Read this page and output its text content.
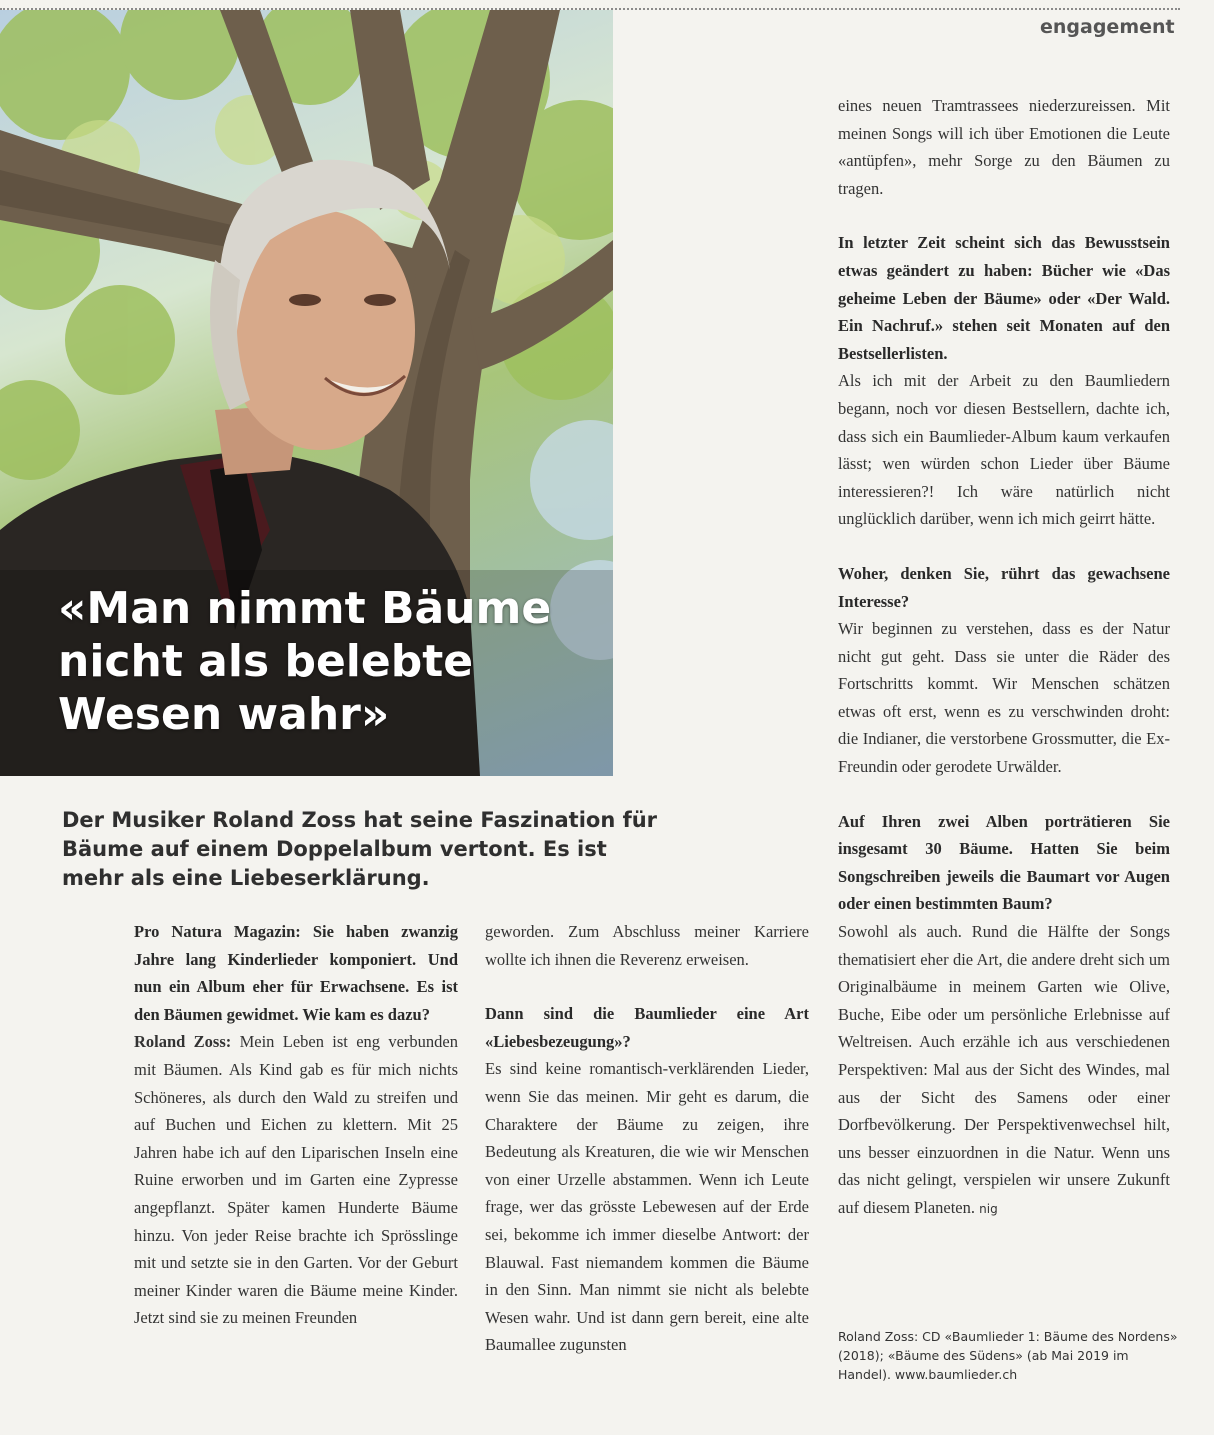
engagement

«Man nimmt Bäume nicht als belebte Wesen wahr»

Der Musiker Roland Zoss hat seine Faszination für Bäume auf einem Doppelalbum vertont. Es ist mehr als eine Liebeserklärung.

Pro Natura Magazin: Sie haben zwanzig Jahre lang Kinderlieder komponiert. Und nun ein Album eher für Erwachsene. Es ist den Bäumen gewidmet. Wie kam es dazu?

Roland Zoss: Mein Leben ist eng verbunden mit Bäumen. Als Kind gab es für mich nichts Schöneres, als durch den Wald zu streifen und auf Buchen und Eichen zu klettern. Mit 25 Jahren habe ich auf den Liparischen Inseln eine Ruine erworben und im Garten eine Zypresse angepflanzt. Später kamen Hunderte Bäume hinzu. Von jeder Reise brachte ich Sprösslinge mit und setzte sie in den Garten. Vor der Geburt meiner Kinder waren die Bäume meine Kinder. Jetzt sind sie zu meinen Freunden

geworden. Zum Abschluss meiner Karriere wollte ich ihnen die Reverenz erweisen.

Dann sind die Baumlieder eine Art «Liebesbezeugung»?

Es sind keine romantisch-verklärenden Lieder, wenn Sie das meinen. Mir geht es darum, die Charaktere der Bäume zu zeigen, ihre Bedeutung als Kreaturen, die wie wir Menschen von einer Urzelle abstammen. Wenn ich Leute frage, wer das grösste Lebewesen auf der Erde sei, bekomme ich immer dieselbe Antwort: der Blauwal. Fast niemandem kommen die Bäume in den Sinn. Man nimmt sie nicht als belebte Wesen wahr. Und ist dann gern bereit, eine alte Baumallee zugunsten

eines neuen Tramtrassees niederzureissen. Mit meinen Songs will ich über Emotionen die Leute «antüpfen», mehr Sorge zu den Bäumen zu tragen.

In letzter Zeit scheint sich das Bewusstsein etwas geändert zu haben: Bücher wie «Das geheime Leben der Bäume» oder «Der Wald. Ein Nachruf.» stehen seit Monaten auf den Bestsellerlisten.

Als ich mit der Arbeit zu den Baumliedern begann, noch vor diesen Bestsellern, dachte ich, dass sich ein Baumlieder-Album kaum verkaufen lässt; wen würden schon Lieder über Bäume interessieren?! Ich wäre natürlich nicht unglücklich darüber, wenn ich mich geirrt hätte.

Woher, denken Sie, rührt das gewachsene Interesse?

Wir beginnen zu verstehen, dass es der Natur nicht gut geht. Dass sie unter die Räder des Fortschritts kommt. Wir Menschen schätzen etwas oft erst, wenn es zu verschwinden droht: die Indianer, die verstorbene Grossmutter, die Ex-Freundin oder gerodete Urwälder.

Auf Ihren zwei Alben porträtieren Sie insgesamt 30 Bäume. Hatten Sie beim Songschreiben jeweils die Baumart vor Augen oder einen bestimmten Baum?

Sowohl als auch. Rund die Hälfte der Songs thematisiert eher die Art, die andere dreht sich um Originalbäume in meinem Garten wie Olive, Buche, Eibe oder um persönliche Erlebnisse auf Weltreisen. Auch erzähle ich aus verschiedenen Perspektiven: Mal aus der Sicht des Windes, mal aus der Sicht des Samens oder einer Dorfbevölkerung. Der Perspektivenwechsel hilt, uns besser einzuordnen in die Natur. Wenn uns das nicht gelingt, verspielen wir unsere Zukunft auf diesem Planeten. nig

Roland Zoss: CD «Baumlieder 1: Bäume des Nordens» (2018); «Bäume des Südens» (ab Mai 2019 im Handel). www.baumlieder.ch
